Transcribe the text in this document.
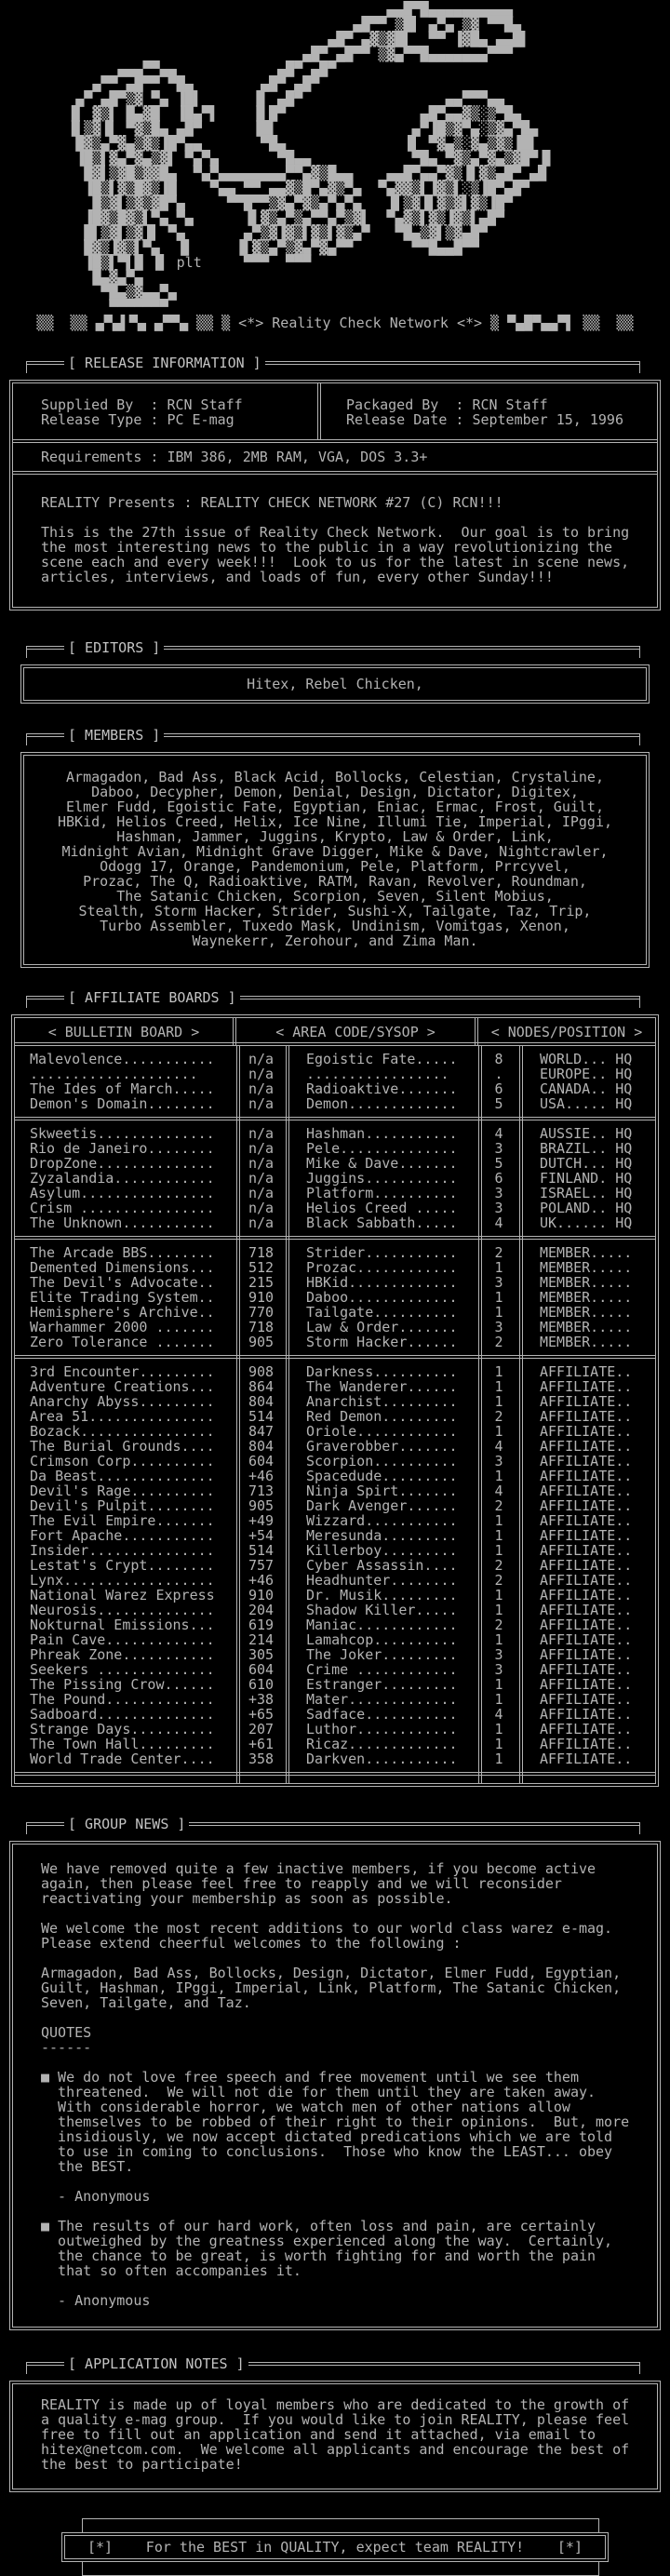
▄▄█▀█▄▄▄▄▄▄▄▄▄▄
▄█▀▀ ▒█▌ ▄▀▄ ▒▓ ▀▀█▄
▄█▀ ▄▓▒▓█▌  ▀▀ ▐▓█▄ ▄▄█▌
▄█▀ ▄█▀▀ ▒▓▄▀▀█▄▄▄▄▄▄▄▀▀▀
▄▄▄▀▀▄▄            ▄█▀ ▄█▀
▄▀▀ ▄█▀▀ ▀█▄        ▄█▀ ▄█▀
▄▀ ▄█▀▒▓ ▀▄ ▐█▌      ▐▌ ▄█▀                 ▄▄▀▀▀▄▄
▐▌ ▓▒▌ █▄▓█  ▐█▄▀▌    ▐▌█▀                ▄█▀▄▄▓▒░▒▀█▄
▐▌▒▓▐▌ ▀▓▒█▄ ▄█▀      ▐█▌                ▄▀▐█▒▓▀▄░▒▓▄▀█▄
█▓▒▄▀▓▄▒▓▒▐█▀▄▄       ▀█▄              ▐▌ ▀▓▄▒░▓▄▒▓▒▐█▌
▐█▒▌▓▄▀▓▄▒▓▌ ▀▄▀▄       ▀█▄▄            ▀█▄ ▀▓▒▄▀▓▄▒▓█▀▐▌
█▓▌▒▓█▒▓▓█▄  ▀▄▀▄▄▄▄▄▄▄▄▀▀▄▓▒█▄▄    ▄▄█▀▄▄▀▓▒▐▌▓▒▄█▀ ▄█
▐█▒▌▓▒█▓▒▐█    ▀▄▄ ▀▀ ▄▄▓▒█▀▄▓▒▀▄  ▀▄▓▓▒▌▐▓▒▌░▒▐█▀▄█▀
█▒▓▌▒▓▒▓█▀▄     ▀▀█▀▀▒▓▄▀▓▒▄▀▄▀▄   ▐▌▒▓▐▌▓▒▓▌▓▒▐█▀
▐█▓▒█▓▒▌▀▄ ▀▄      ▐▌▓▒▄▀▒▄▀▀▄▀▒▓▌  ▀▄▓▒▌▓▒▐▓▒▌▄█▀
█▌▒▓▌▒▓▐▌ ▀▄       ▄▀▒▓▐▓▒▌▓▒▌▓▒▄▀   ▀█▄▒▓▌▒▓▄█▀
█▓▒▐▓▒▌▀▄  ▐▌     ▐▌▓▒▄▀▒▓▄▀▓▄▀▀       ▀▀█▄▄█▀▀
▐█▒▌▀▌█ ▐▌ plt     ▀▀▀  ▀▀▀
█▄▓▄▀▄
▀█▄▒▓▄▄▀▄
▀▀▀▀▀▀▀
▒▒  ▒▒ ▄▀▄▌▀▄ ▄▀▀▄ ▒▒ ▒ <*> Reality Check Network <*> ▒ ▀▄█▀▄▄▀▌ ▒▒  ▒▒
[ RELEASE INFORMATION ]
Supplied By  : RCN Staff
Release Type : PC E-mag
Packaged By  : RCN Staff
Release Date : September 15, 1996
Requirements : IBM 386, 2MB RAM, VGA, DOS 3.3+
REALITY Presents : REALITY CHECK NETWORK #27 (C) RCN!!!
This is the 27th issue of Reality Check Network.  Our goal is to bring
the most interesting news to the public in a way revolutionizing the
scene each and every week!!!  Look to us for the latest in scene news,
articles, interviews, and loads of fun, every other Sunday!!!
[ EDITORS ]
Hitex, Rebel Chicken,
[ MEMBERS ]
Armagadon, Bad Ass, Black Acid, Bollocks, Celestian, Crystaline,
Daboo, Decypher, Demon, Denial, Design, Dictator, Digitex,
Elmer Fudd, Egoistic Fate, Egyptian, Eniac, Ermac, Frost, Guilt,
HBKid, Helios Creed, Helix, Ice Nine, Illumi Tie, Imperial, IPggi,
Hashman, Jammer, Juggins, Krypto, Law & Order, Link,
Midnight Avian, Midnight Grave Digger, Mike & Dave, Nightcrawler,
Odogg 17, Orange, Pandemonium, Pele, Platform, Prrcyvel,
Prozac, The Q, Radioaktive, RATM, Ravan, Revolver, Roundman,
The Satanic Chicken, Scorpion, Seven, Silent Mobius,
Stealth, Storm Hacker, Strider, Sushi-X, Tailgate, Taz, Trip,
Turbo Assembler, Tuxedo Mask, Undinism, Vomitgas, Xenon,
Waynekerr, Zerohour, and Zima Man.
[ AFFILIATE BOARDS ]
< BULLETIN BOARD >	< AREA CODE/SYSOP >	< NODES/POSITION >
Malevolence...........	n/a	Egoistic Fate.....	8	WORLD... HQ
....................	n/a	.................	.	EUROPE.. HQ
The Ides of March.....	n/a	Radioaktive.......	6	CANADA.. HQ
Demon's Domain........	n/a	Demon.............	5	USA..... HQ
Skweetis..............	n/a	Hashman...........	4	AUSSIE.. HQ
Rio de Janeiro........	n/a	Pele..............	3	BRAZIL.. HQ
DropZone..............	n/a	Mike & Dave.......	5	DUTCH... HQ
Zyzalandia............	n/a	Juggins...........	6	FINLAND. HQ
Asylum................	n/a	Platform..........	3	ISRAEL.. HQ
Crism ................	n/a	Helios Creed .....	3	POLAND.. HQ
The Unknown...........	n/a	Black Sabbath.....	4	UK...... HQ
The Arcade BBS........	718	Strider...........	2	MEMBER.....
Demented Dimensions...	512	Prozac............	1	MEMBER.....
The Devil's Advocate..	215	HBKid.............	3	MEMBER.....
Elite Trading System..	910	Daboo.............	1	MEMBER.....
Hemisphere's Archive..	770	Tailgate..........	1	MEMBER.....
Warhammer 2000 .......	718	Law & Order.......	3	MEMBER.....
Zero Tolerance .......	905	Storm Hacker......	2	MEMBER.....
3rd Encounter.........	908	Darkness..........	1	AFFILIATE..
Adventure Creations...	864	The Wanderer......	1	AFFILIATE..
Anarchy Abyss.........	804	Anarchist.........	1	AFFILIATE..
Area 51...............	514	Red Demon.........	2	AFFILIATE..
Bozack................	847	Oriole............	1	AFFILIATE..
The Burial Grounds....	804	Graverobber.......	4	AFFILIATE..
Crimson Corp..........	604	Scorpion..........	3	AFFILIATE..
Da Beast..............	+46	Spacedude.........	1	AFFILIATE..
Devil's Rage..........	713	Ninja Spirt.......	4	AFFILIATE..
Devil's Pulpit........	905	Dark Avenger......	2	AFFILIATE..
The Evil Empire.......	+49	Wizzard...........	1	AFFILIATE..
Fort Apache...........	+54	Meresunda.........	1	AFFILIATE..
Insider...............	514	Killerboy.........	1	AFFILIATE..
Lestat's Crypt........	757	Cyber Assassin....	2	AFFILIATE..
Lynx..................	+46	Headhunter........	2	AFFILIATE..
National Warez Express	910	Dr. Musik.........	1	AFFILIATE..
Neurosis..............	204	Shadow Killer.....	1	AFFILIATE..
Nokturnal Emissions...	619	Maniac............	2	AFFILIATE..
Pain Cave.............	214	Lamahcop..........	1	AFFILIATE..
Phreak Zone...........	305	The Joker.........	3	AFFILIATE..
Seekers ..............	604	Crime ............	3	AFFILIATE..
The Pissing Crow......	610	Estranger.........	1	AFFILIATE..
The Pound.............	+38	Mater.............	1	AFFILIATE..
Sadboard..............	+65	Sadface...........	4	AFFILIATE..
Strange Days..........	207	Luthor............	1	AFFILIATE..
The Town Hall.........	+61	Ricaz.............	1	AFFILIATE..
World Trade Center....	358	Darkven...........	1	AFFILIATE..
[ GROUP NEWS ]
We have removed quite a few inactive members, if you become active
again, then please feel free to reapply and we will reconsider
reactivating your membership as soon as possible.
We welcome the most recent additions to our world class warez e-mag.
Please extend cheerful welcomes to the following :
Armagadon, Bad Ass, Bollocks, Design, Dictator, Elmer Fudd, Egyptian,
Guilt, Hashman, IPggi, Imperial, Link, Platform, The Satanic Chicken,
Seven, Tailgate, and Taz.
QUOTES
------
■ We do not love free speech and free movement until we see them
threatened.  We will not die for them until they are taken away.
With considerable horror, we watch men of other nations allow
themselves to be robbed of their right to their opinions.  But, more
insidiously, we now accept dictated predications which we are told
to use in coming to conclusions.  Those who know the LEAST... obey
the BEST.
- Anonymous
■ The results of our hard work, often loss and pain, are certainly
outweighed by the greatness experienced along the way.  Certainly,
the chance to be great, is worth fighting for and worth the pain
that so often accompanies it.
- Anonymous
[ APPLICATION NOTES ]
REALITY is made up of loyal members who are dedicated to the growth of
a quality e-mag group.  If you would like to join REALITY, please feel
free to fill out an application and send it attached, via email to
hitex@netcom.com.  We welcome all applicants and encourage the best of
the best to participate!
[*]	For the BEST in QUALITY, expect team REALITY!	[*]
